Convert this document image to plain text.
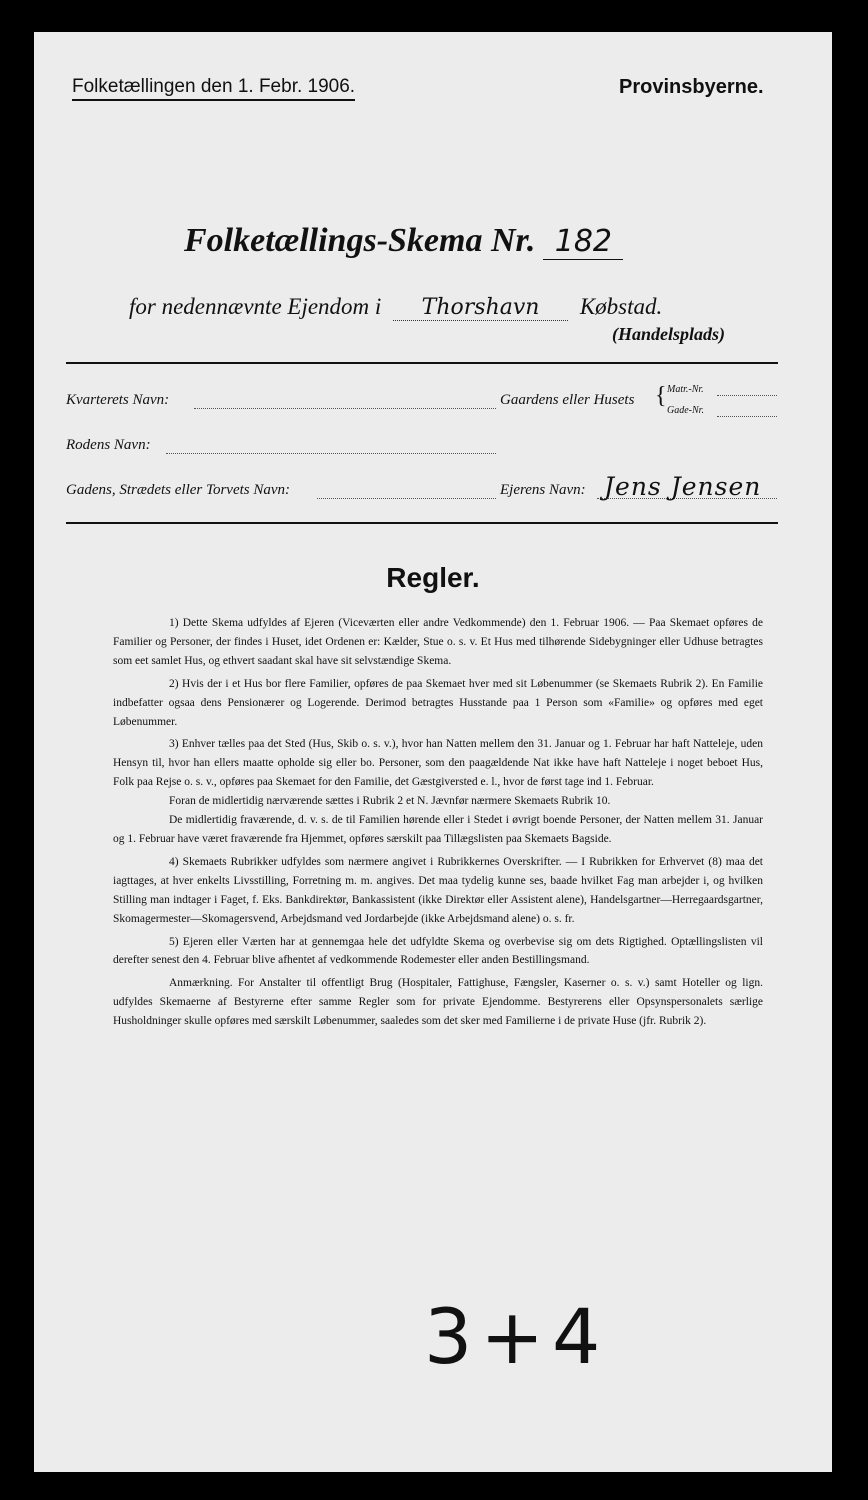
Folketællingen den 1. Febr. 1906.	Provinsbyerne.
Folketællings-Skema Nr. 182
for nedennævnte Ejendom i Thorshavn Købstad.
(Handelsplads)
Kvarterets Navn:	Gaardens eller Husets { Matr.-Nr.
Gade-Nr.
Rodens Navn:
Gadens, Strædets eller Torvets Navn:	Ejerens Navn: Jens Jensen
Regler.

1) Dette Skema udfyldes af Ejeren (Viceværten eller andre Vedkommende) den 1. Februar 1906. — Paa Skemaet opføres de Familier og Personer, der findes i Huset, idet Ordenen er: Kælder, Stue o. s. v. Et Hus med tilhørende Sidebygninger eller Udhuse betragtes som eet samlet Hus, og ethvert saadant skal have sit selvstændige Skema.

2) Hvis der i et Hus bor flere Familier, opføres de paa Skemaet hver med sit Løbenummer (se Skemaets Rubrik 2). En Familie indbefatter ogsaa dens Pensionærer og Logerende. Derimod betragtes Husstande paa 1 Person som «Familie» og opføres med eget Løbenummer.

3) Enhver tælles paa det Sted (Hus, Skib o. s. v.), hvor han Natten mellem den 31. Januar og 1. Februar har haft Natteleje, uden Hensyn til, hvor han ellers maatte opholde sig eller bo. Personer, som den paagældende Nat ikke have haft Natteleje i noget beboet Hus, Folk paa Rejse o. s. v., opføres paa Skemaet for den Familie, det Gæstgiversted e. l., hvor de først tage ind 1. Februar.

Foran de midlertidig nærværende sættes i Rubrik 2 et N. Jævnfør nærmere Skemaets Rubrik 10.

De midlertidig fraværende, d. v. s. de til Familien hørende eller i Stedet i øvrigt boende Personer, der Natten mellem 31. Januar og 1. Februar have været fraværende fra Hjemmet, opføres særskilt paa Tillægslisten paa Skemaets Bagside.

4) Skemaets Rubrikker udfyldes som nærmere angivet i Rubrikkernes Overskrifter. — I Rubrikken for Erhvervet (8) maa det iagttages, at hver enkelts Livsstilling, Forretning m. m. angives. Det maa tydelig kunne ses, baade hvilket Fag man arbejder i, og hvilken Stilling man indtager i Faget, f. Eks. Bankdirektør, Bankassistent (ikke Direktør eller Assistent alene), Handelsgartner—Herregaardsgartner, Skomagermester—Skomagersvend, Arbejdsmand ved Jordarbejde (ikke Arbejdsmand alene) o. s. fr.

5) Ejeren eller Værten har at gennemgaa hele det udfyldte Skema og overbevise sig om dets Rigtighed. Optællingslisten vil derefter senest den 4. Februar blive afhentet af vedkommende Rodemester eller anden Bestillingsmand.

Anmærkning. For Anstalter til offentligt Brug (Hospitaler, Fattighuse, Fængsler, Kaserner o. s. v.) samt Hoteller og lign. udfyldes Skemaerne af Bestyrerne efter samme Regler som for private Ejendomme. Bestyrerens eller Opsynspersonalets særlige Husholdninger skulle opføres med særskilt Løbenummer, saaledes som det sker med Familierne i de private Huse (jfr. Rubrik 2).

3+4
